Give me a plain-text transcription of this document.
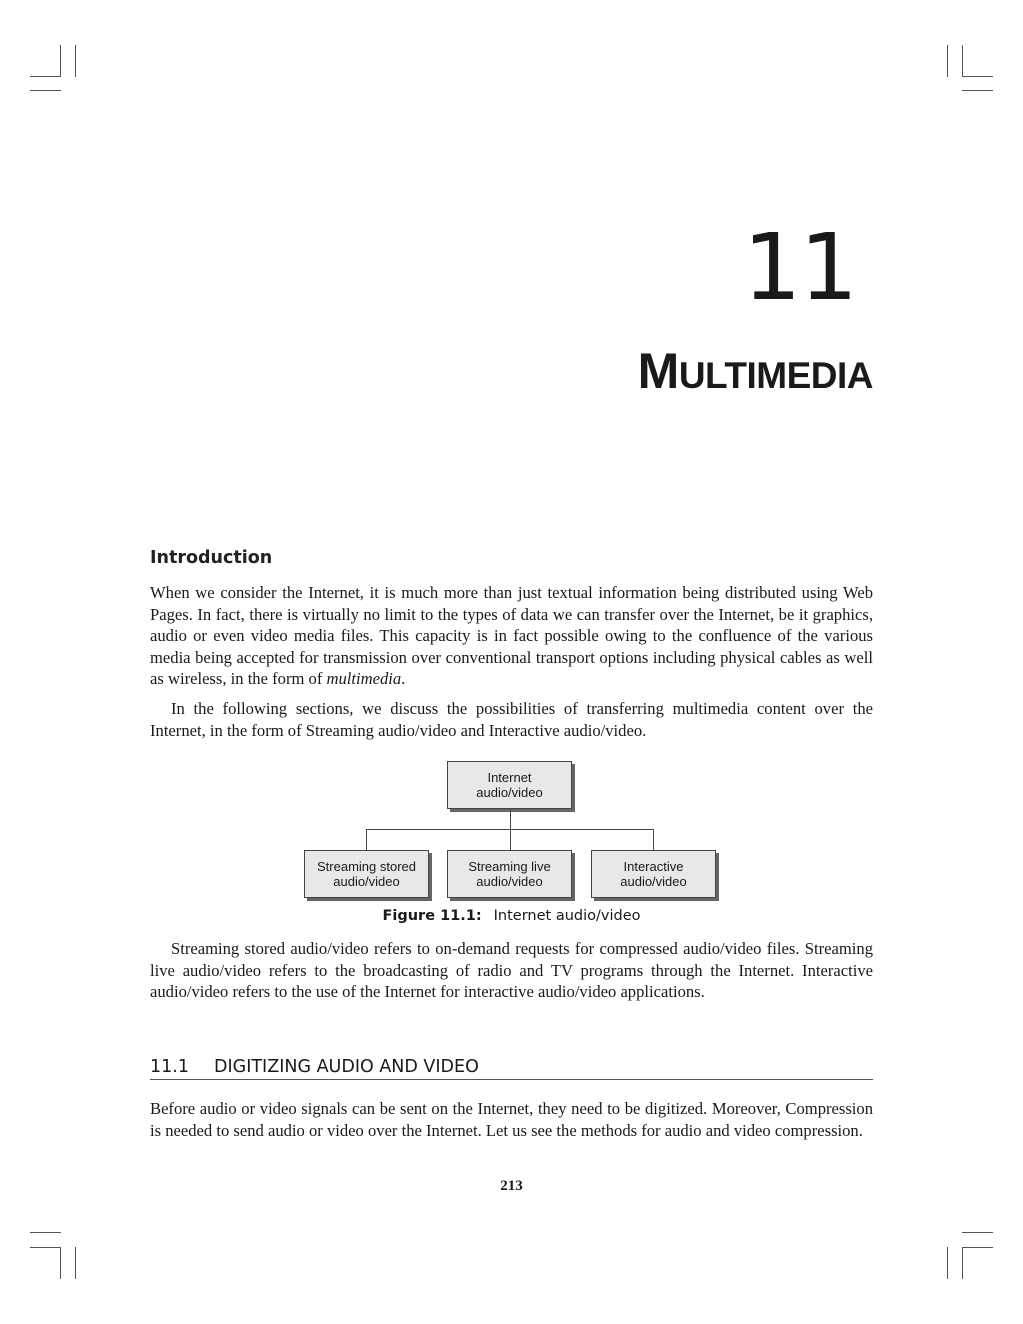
11
MULTIMEDIA
Introduction

When we consider the Internet, it is much more than just textual information being distributed using Web Pages. In fact, there is virtually no limit to the types of data we can transfer over the Internet, be it graphics, audio or even video media files. This capacity is in fact possible owing to the confluence of the various media being accepted for transmission over conventional transport options including physical cables as well as wireless, in the form of multimedia.

In the following sections, we discuss the possibilities of transferring multimedia content over the Internet, in the form of Streaming audio/video and Interactive audio/video.

Internet
audio/video
Streaming stored
audio/video
Streaming live
audio/video
Interactive
audio/video
Figure 11.1: Internet audio/video

Streaming stored audio/video refers to on-demand requests for compressed audio/video files. Streaming live audio/video refers to the broadcasting of radio and TV programs through the Internet. Interactive audio/video refers to the use of the Internet for interactive audio/video applications.

11.1 DIGITIZING AUDIO AND VIDEO

Before audio or video signals can be sent on the Internet, they need to be digitized. Moreover, Compression is needed to send audio or video over the Internet. Let us see the methods for audio and video compression.

213
